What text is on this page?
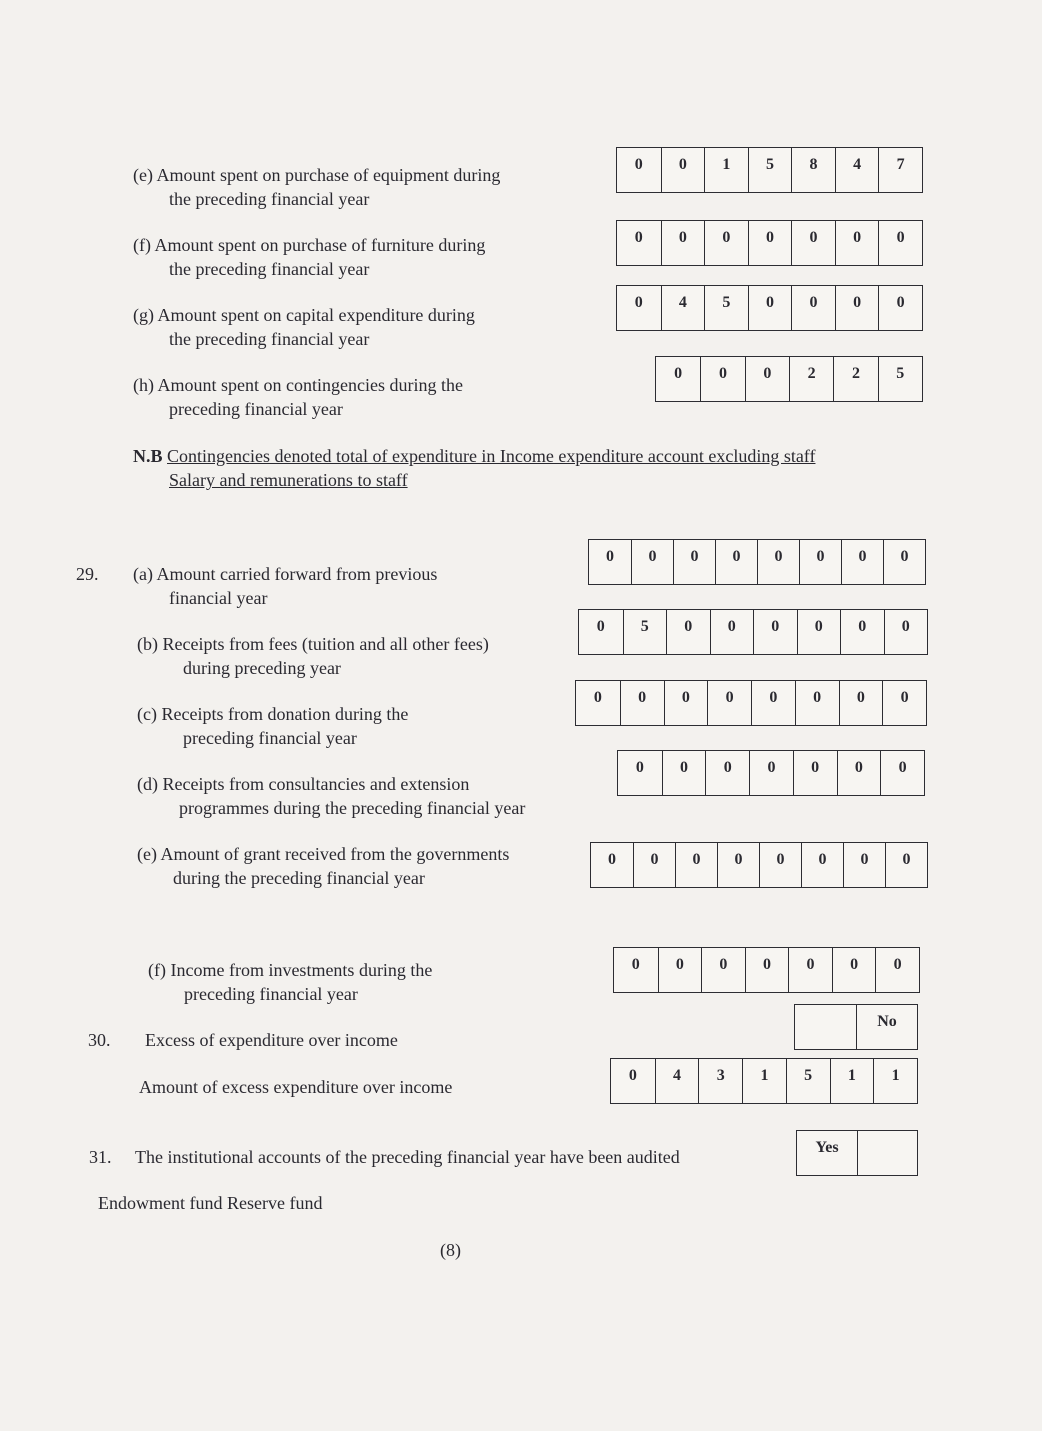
(e) Amount spent on purchase of equipment during
the preceding financial year
0	0	1	5	8	4	7
(f) Amount spent on purchase of furniture during
the preceding financial year
0	0	0	0	0	0	0
(g) Amount spent on capital expenditure during
the preceding financial year
0	4	5	0	0	0	0
(h) Amount spent on contingencies during the
preceding financial year
0	0	0	2	2	5
N.B Contingencies denoted total of expenditure in Income expenditure account excluding staff
Salary and remunerations to staff
29. (a) Amount carried forward from previous
financial year
0	0	0	0	0	0	0	0
(b) Receipts from fees (tuition and all other fees)
during preceding year
0	5	0	0	0	0	0	0
(c) Receipts from donation during the
preceding financial year
0	0	0	0	0	0	0	0
(d) Receipts from consultancies and extension
programmes during the preceding financial year
0	0	0	0	0	0	0
(e) Amount of grant received from the governments
during the preceding financial year
0	0	0	0	0	0	0	0
(f) Income from investments during the
preceding financial year
0	0	0	0	0	0	0
30. Excess of expenditure over income
No
Amount of excess expenditure over income
0	4	3	1	5	1	1
31. The institutional accounts of the preceding financial year have been audited	Yes
Endowment fund Reserve fund
(8)
